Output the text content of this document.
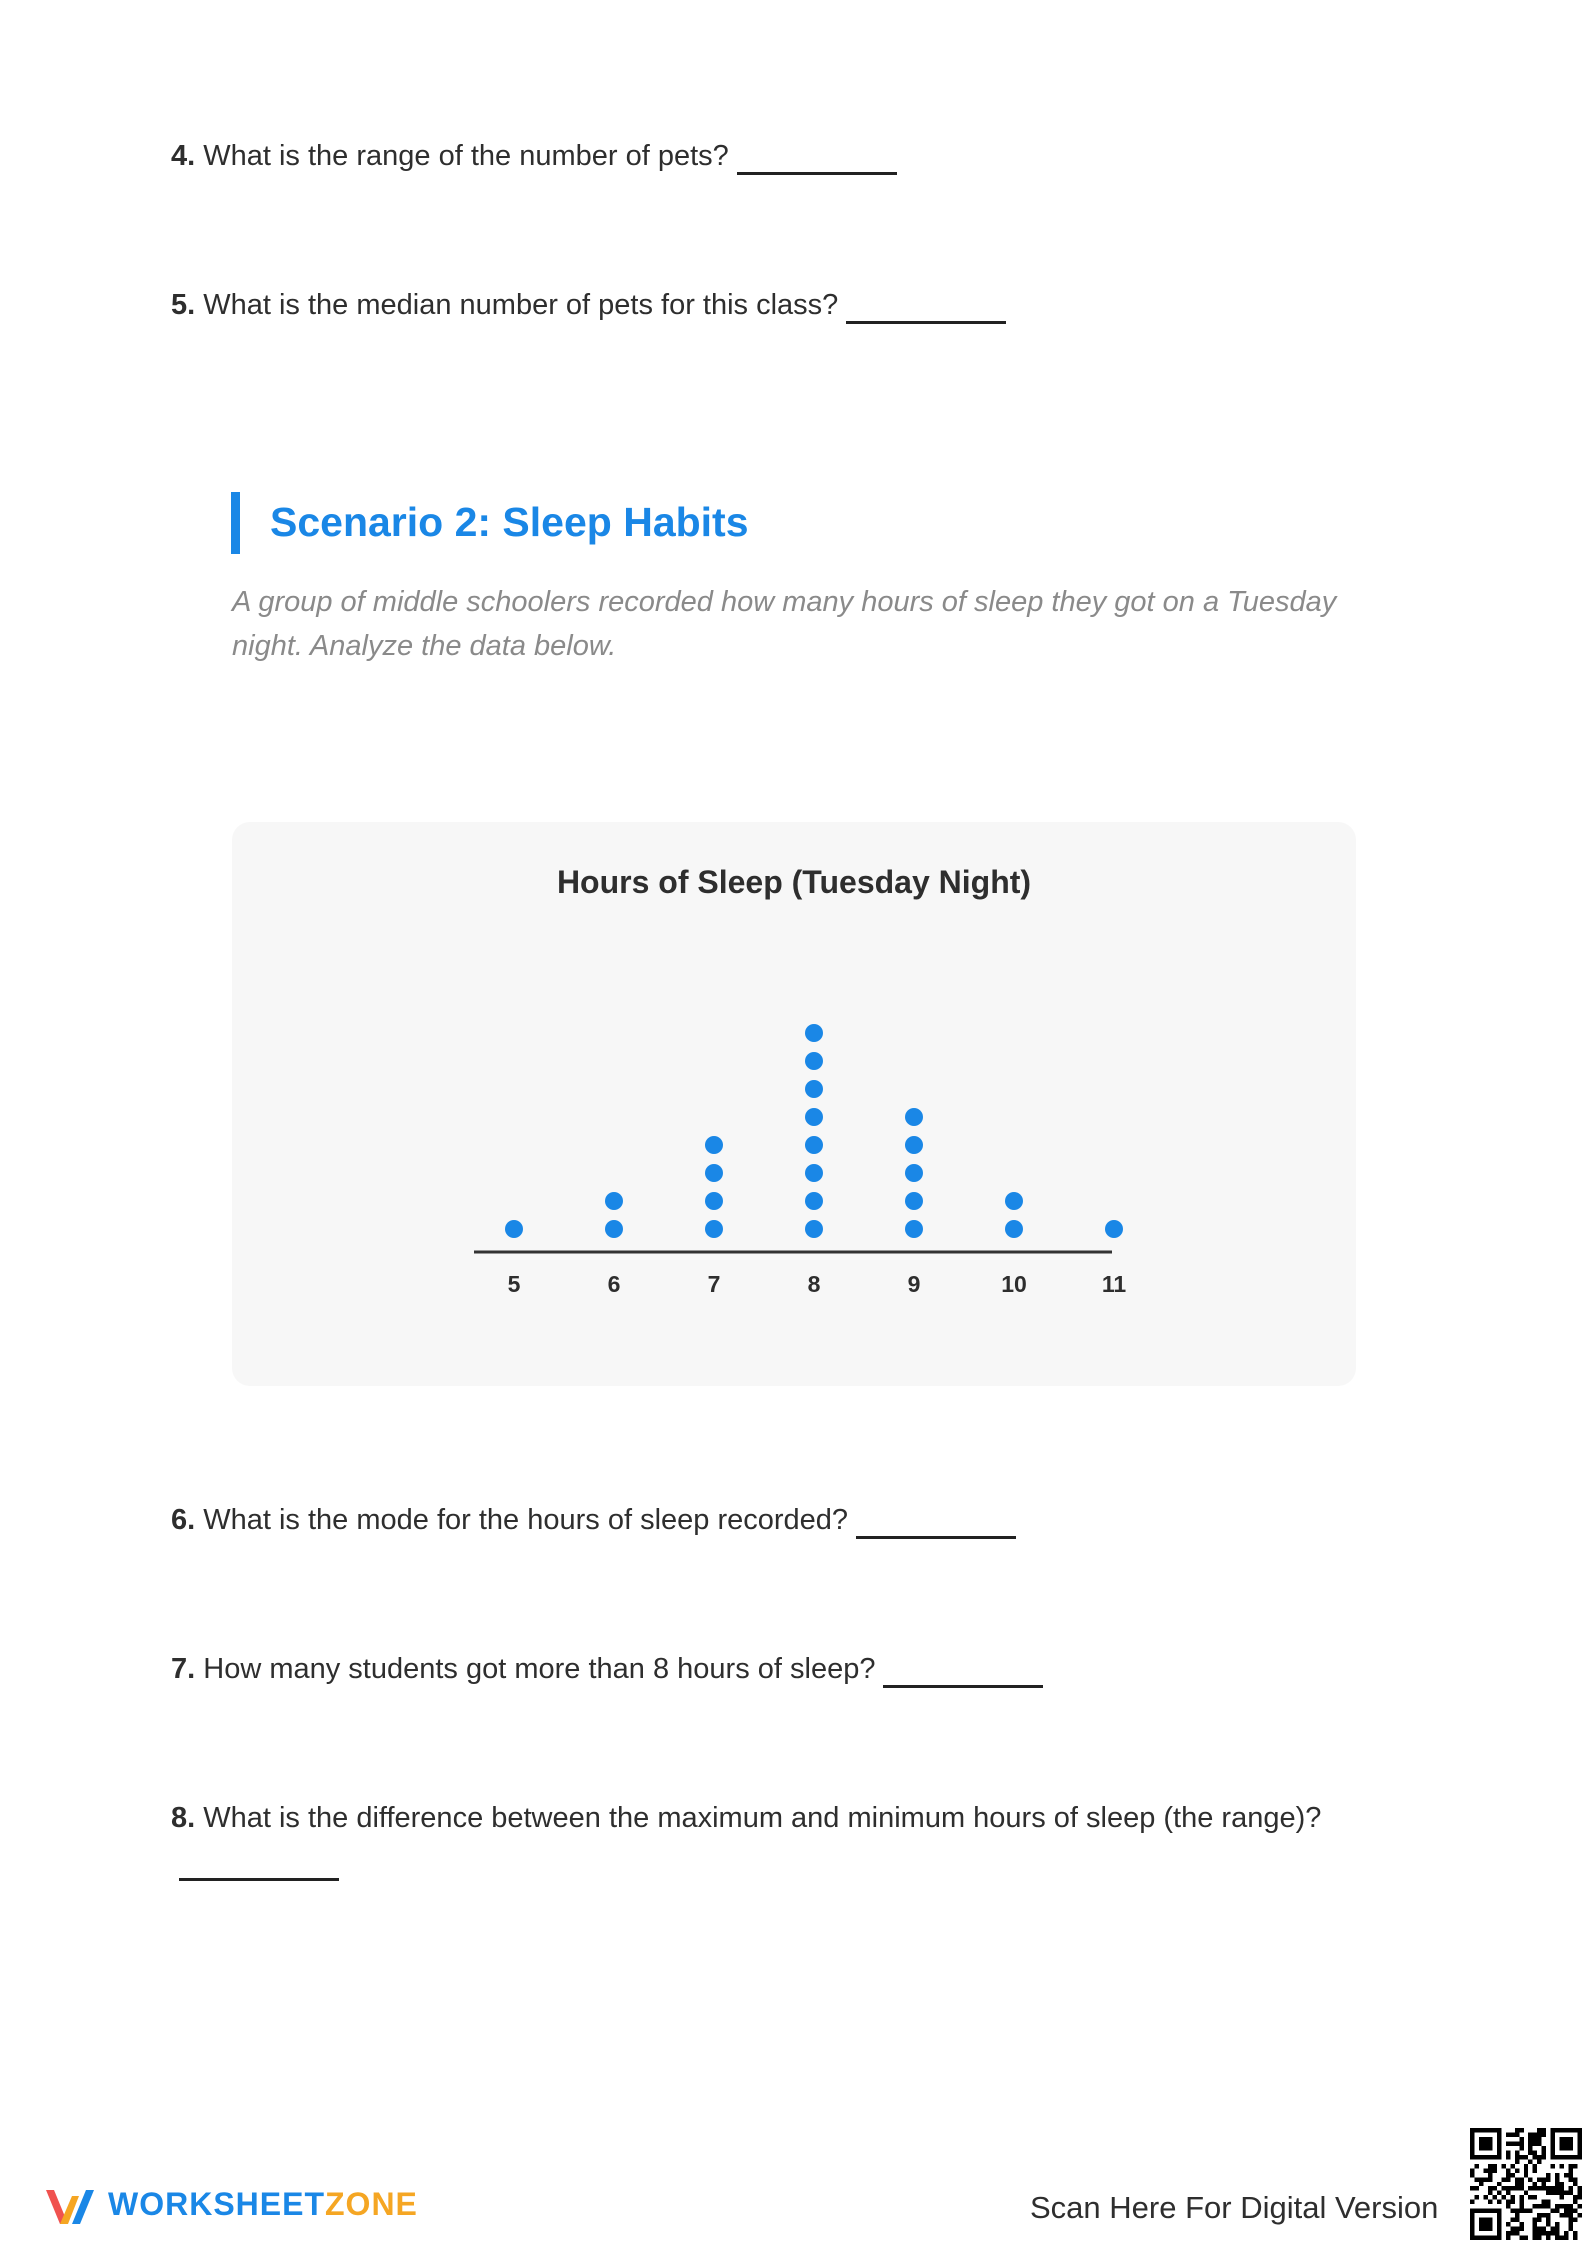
4. What is the range of the number of pets?
5. What is the median number of pets for this class?
Scenario 2: Sleep Habits
A group of middle schoolers recorded how many hours of sleep they got on a Tuesday night. Analyze the data below.
Hours of Sleep (Tuesday Night)
5	6	7	8	9	10	11
6. What is the mode for the hours of sleep recorded?
7. How many students got more than 8 hours of sleep?
8. What is the difference between the maximum and minimum hours of sleep (the range)?
WORKSHEETZONE	Scan Here For Digital Version
